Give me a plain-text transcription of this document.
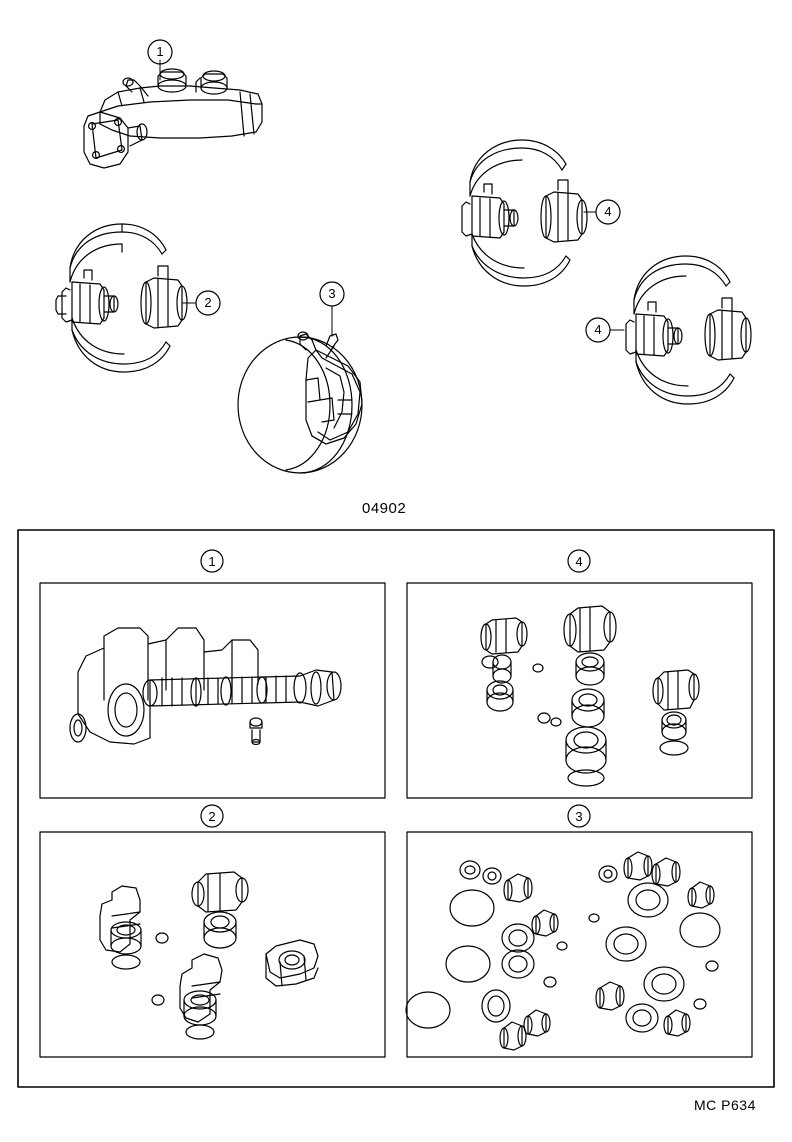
1
2
3
4
4
1	4
2	3
04902
MC P634
